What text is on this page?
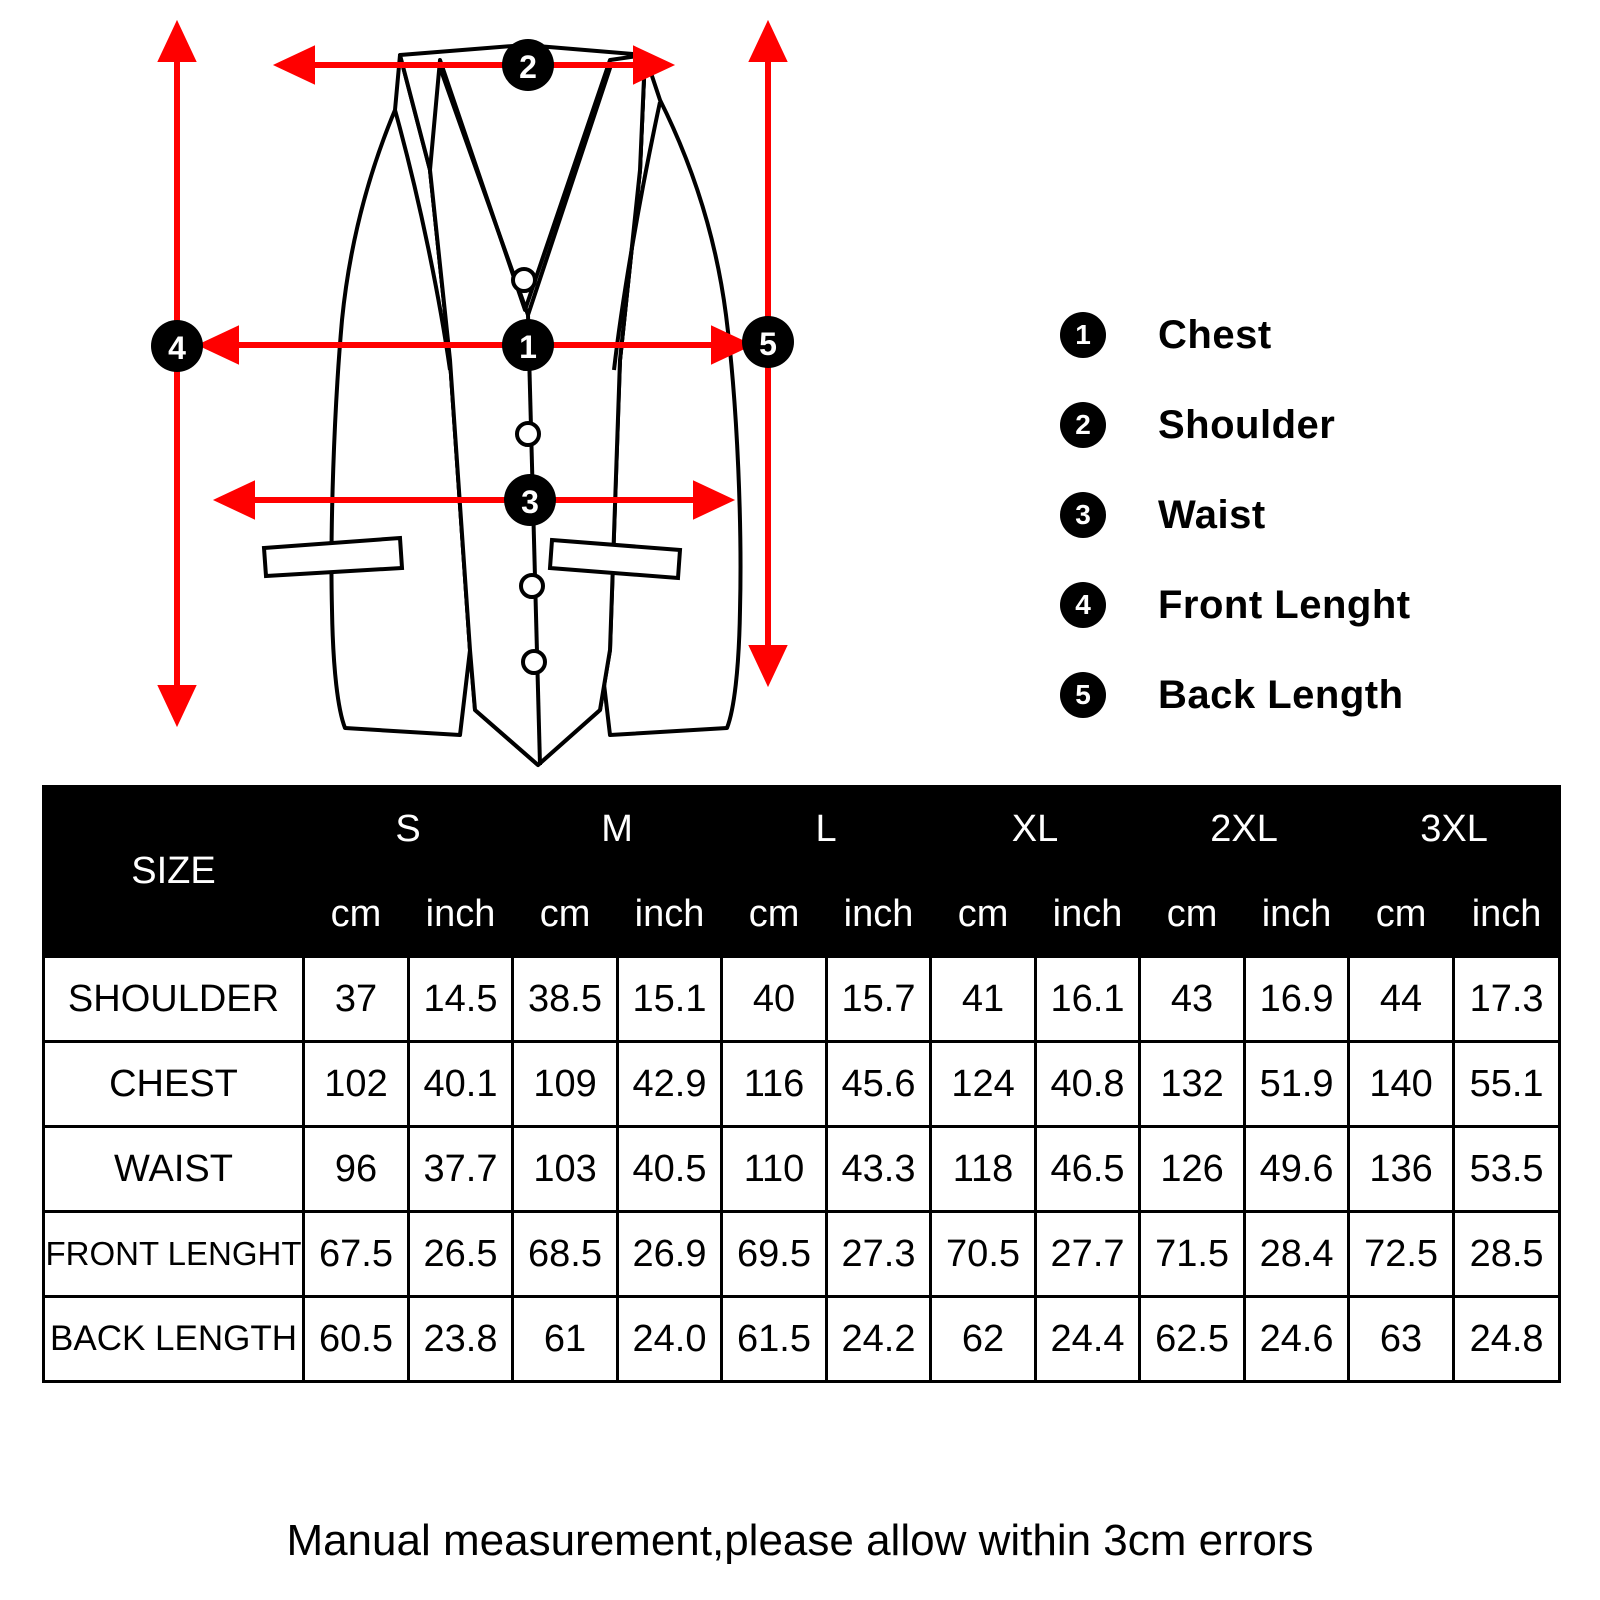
2
1
3
4	5	1	Chest
2	Shoulder
3	Waist
4	Front Lenght
5	Back Length
SIZE	S		M		L		XL		2XL		3XL	
	cm	inch	cm	inch	cm	inch	cm	inch	cm	inch	cm	inch
SHOULDER	37	14.5	38.5	15.1	40	15.7	41	16.1	43	16.9	44	17.3
CHEST	102	40.1	109	42.9	116	45.6	124	40.8	132	51.9	140	55.1
WAIST	96	37.7	103	40.5	110	43.3	118	46.5	126	49.6	136	53.5
FRONT LENGHT	67.5	26.5	68.5	26.9	69.5	27.3	70.5	27.7	71.5	28.4	72.5	28.5
BACK LENGTH	60.5	23.8	61	24.0	61.5	24.2	62	24.4	62.5	24.6	63	24.8
Manual measurement,please allow within 3cm errors
